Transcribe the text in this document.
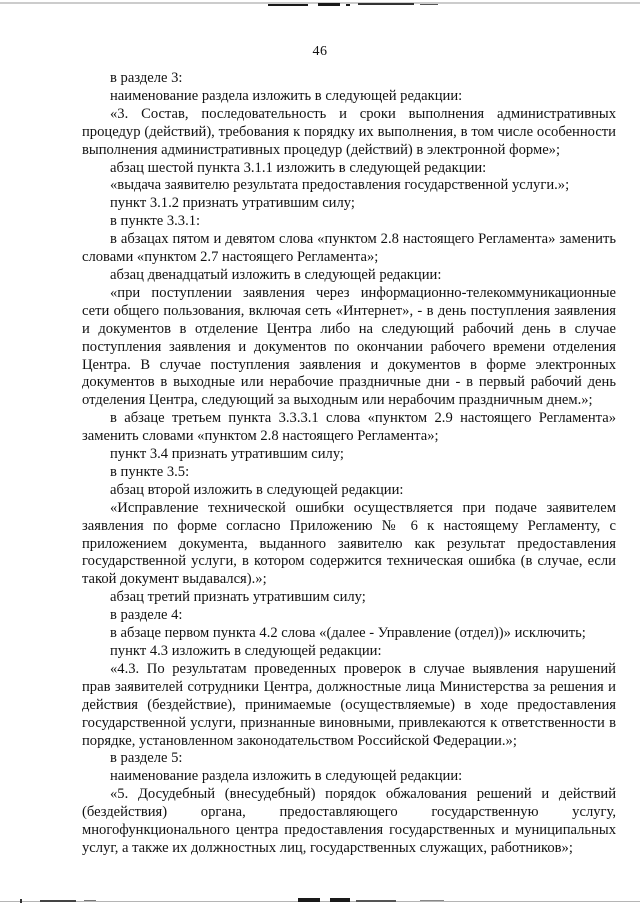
46

в разделе 3:

наименование раздела изложить в следующей редакции:

«3. Состав, последовательность и сроки выполнения административных процедур (действий), требования к порядку их выполнения, в том числе особенности выполнения административных процедур (действий) в электронной форме»;

абзац шестой пункта 3.1.1 изложить в следующей редакции:

«выдача заявителю результата предоставления государственной услуги.»;

пункт 3.1.2 признать утратившим силу;

в пункте 3.3.1:

в абзацах пятом и девятом слова «пунктом 2.8 настоящего Регламента» заменить словами «пунктом 2.7 настоящего Регламента»;

абзац двенадцатый изложить в следующей редакции:

«при поступлении заявления через информационно-телекоммуникационные сети общего пользования, включая сеть «Интернет», - в день поступления заявления и документов в отделение Центра либо на следующий рабочий день в случае поступления заявления и документов по окончании рабочего времени отделения Центра. В случае поступления заявления и документов в форме электронных документов в выходные или нерабочие праздничные дни - в первый рабочий день отделения Центра, следующий за выходным или нерабочим праздничным днем.»;

в абзаце третьем пункта 3.3.3.1 слова «пунктом 2.9 настоящего Регламента» заменить словами «пунктом 2.8 настоящего Регламента»;

пункт 3.4 признать утратившим силу;

в пункте 3.5:

абзац второй изложить в следующей редакции:

«Исправление технической ошибки осуществляется при подаче заявителем заявления по форме согласно Приложению № 6 к настоящему Регламенту, с приложением документа, выданного заявителю как результат предоставления государственной услуги, в котором содержится техническая ошибка (в случае, если такой документ выдавался).»;

абзац третий признать утратившим силу;

в разделе 4:

в абзаце первом пункта 4.2 слова «(далее - Управление (отдел))» исключить;

пункт 4.3 изложить в следующей редакции:

«4.3. По результатам проведенных проверок в случае выявления нарушений прав заявителей сотрудники Центра, должностные лица Министерства за решения и действия (бездействие), принимаемые (осуществляемые) в ходе предоставления государственной услуги, признанные виновными, привлекаются к ответственности в порядке, установленном законодательством Российской Федерации.»;

в разделе 5:

наименование раздела изложить в следующей редакции:

«5. Досудебный (внесудебный) порядок обжалования решений и действий (бездействия) органа, предоставляющего государственную услугу, многофункционального центра предоставления государственных и муниципальных услуг, а также их должностных лиц, государственных служащих, работников»;
